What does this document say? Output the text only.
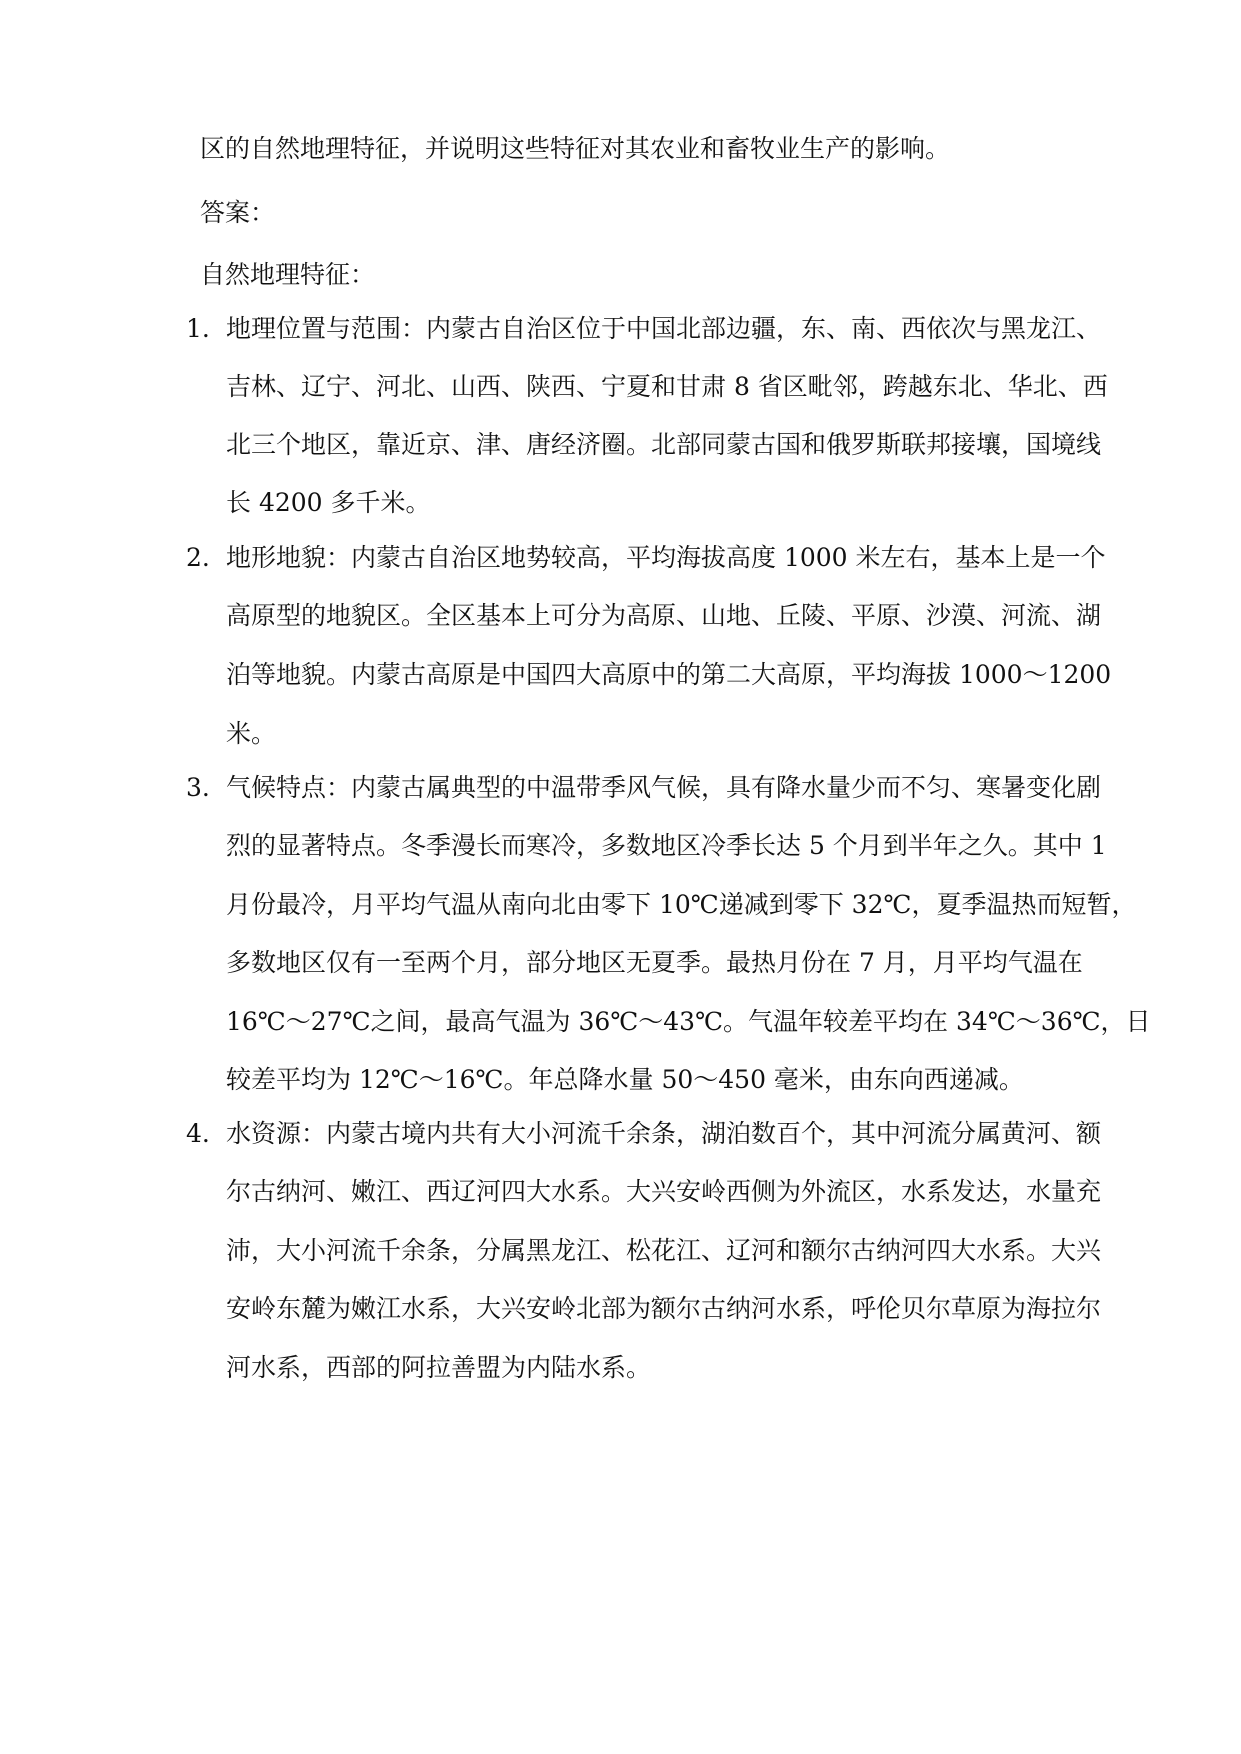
区的自然地理特征，并说明这些特征对其农业和畜牧业生产的影响。
答案：
自然地理特征：
1. 地理位置与范围：内蒙古自治区位于中国北部边疆，东、南、西依次与黑龙江、
吉林、辽宁、河北、山西、陕西、宁夏和甘肃 8 省区毗邻，跨越东北、华北、西
北三个地区，靠近京、津、唐经济圈。北部同蒙古国和俄罗斯联邦接壤，国境线
长 4200 多千米。
2. 地形地貌：内蒙古自治区地势较高，平均海拔高度 1000 米左右，基本上是一个
高原型的地貌区。全区基本上可分为高原、山地、丘陵、平原、沙漠、河流、湖
泊等地貌。内蒙古高原是中国四大高原中的第二大高原，平均海拔 1000～1200
米。
3. 气候特点：内蒙古属典型的中温带季风气候，具有降水量少而不匀、寒暑变化剧
烈的显著特点。冬季漫长而寒冷，多数地区冷季长达 5 个月到半年之久。其中 1
月份最冷，月平均气温从南向北由零下 10℃递减到零下 32℃，夏季温热而短暂，
多数地区仅有一至两个月，部分地区无夏季。最热月份在 7 月，月平均气温在
16℃～27℃之间，最高气温为 36℃～43℃。气温年较差平均在 34℃～36℃，日
较差平均为 12℃～16℃。年总降水量 50～450 毫米，由东向西递减。
4. 水资源：内蒙古境内共有大小河流千余条，湖泊数百个，其中河流分属黄河、额
尔古纳河、嫩江、西辽河四大水系。大兴安岭西侧为外流区，水系发达，水量充
沛，大小河流千余条，分属黑龙江、松花江、辽河和额尔古纳河四大水系。大兴
安岭东麓为嫩江水系，大兴安岭北部为额尔古纳河水系，呼伦贝尔草原为海拉尔
河水系，西部的阿拉善盟为内陆水系。
